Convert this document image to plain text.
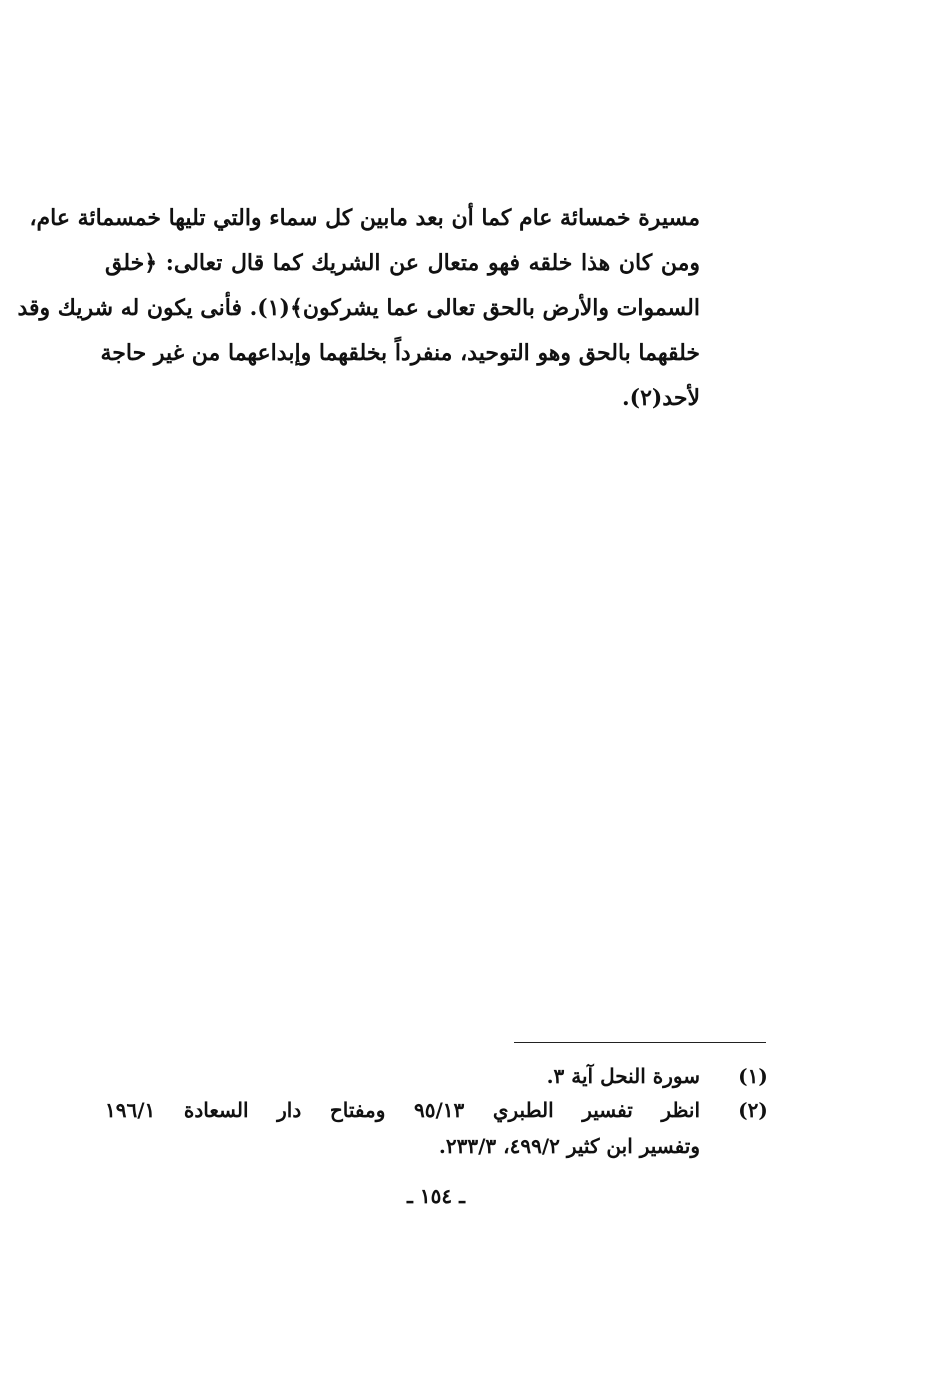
مسيرة خمسائة عام كما أن بعد مابين كل سماء والتي تليها خمسمائة عام،
ومن كان هذا خلقه فهو متعال عن الشريك كما قال تعالى: ﴿خلق
السموات والأرض بالحق تعالى عما يشركون﴾(١). فأنى يكون له شريك وقد
خلقهما بالحق وهو التوحيد، منفرداً بخلقهما وإبداعهما من غير حاجة
لأحد(٢).
(١)
سورة النحل آية ٣.
(٢)
انظر تفسير الطبري ٩٥/١٣ ومفتاح دار السعادة ١٩٦/١
وتفسير ابن كثير ٤٩٩/٢، ٢٣٣/٣.
ـ ١٥٤ ـ
